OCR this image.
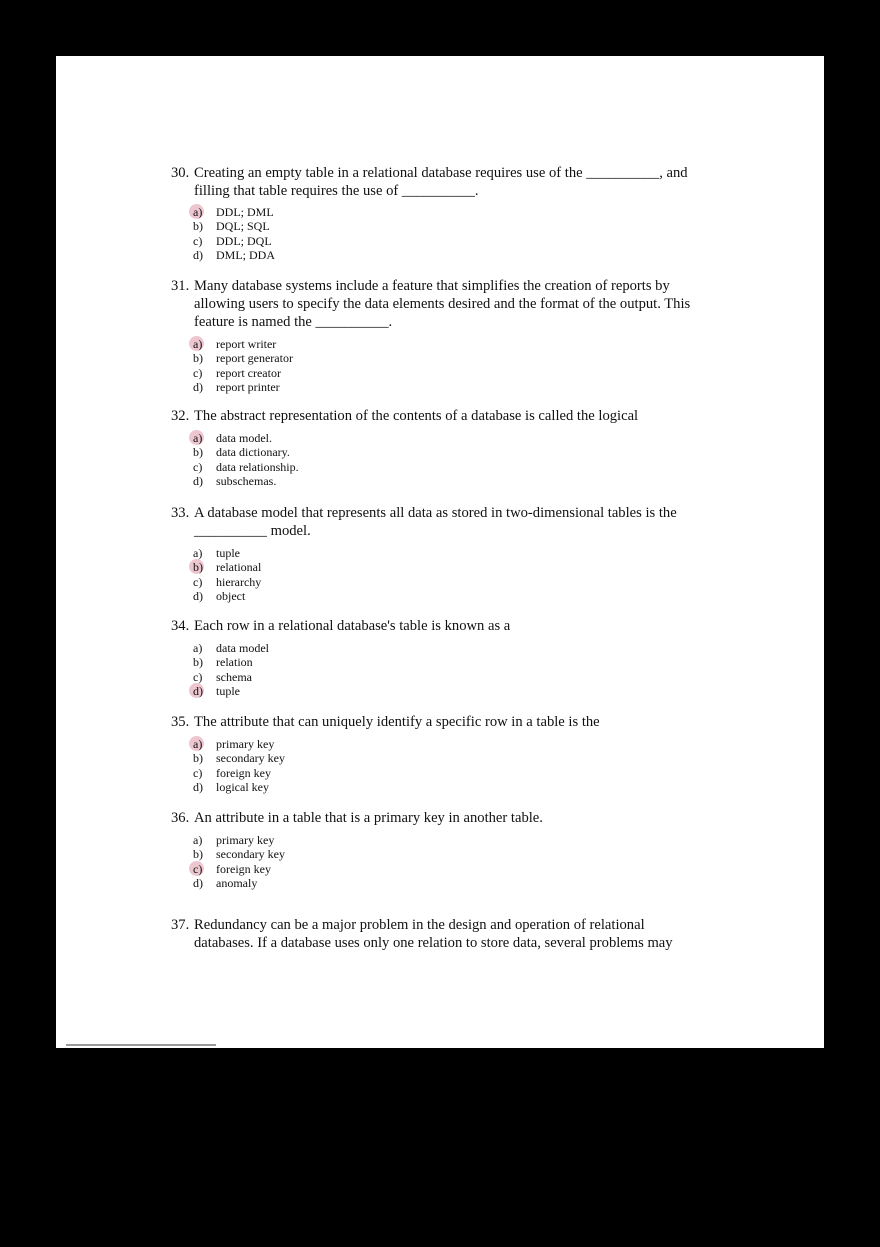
30. Creating an empty table in a relational database requires use of the __________, and filling that table requires the use of __________.
a)	DDL; DML
b)	DQL; SQL
c)	DDL; DQL
d)	DML; DDA
31. Many database systems include a feature that simplifies the creation of reports by allowing users to specify the data elements desired and the format of the output. This feature is named the __________.
a)	report writer
b)	report generator
c)	report creator
d)	report printer
32. The abstract representation of the contents of a database is called the logical
a)	data model.
b)	data dictionary.
c)	data relationship.
d)	subschemas.
33. A database model that represents all data as stored in two-dimensional tables is the __________ model.
a)	tuple
b)	relational
c)	hierarchy
d)	object
34. Each row in a relational database's table is known as a
a)	data model
b)	relation
c)	schema
d)	tuple
35. The attribute that can uniquely identify a specific row in a table is the
a)	primary key
b)	secondary key
c)	foreign key
d)	logical key
36. An attribute in a table that is a primary key in another table.
a)	primary key
b)	secondary key
c)	foreign key
d)	anomaly
37. Redundancy can be a major problem in the design and operation of relational databases. If a database uses only one relation to store data, several problems may
